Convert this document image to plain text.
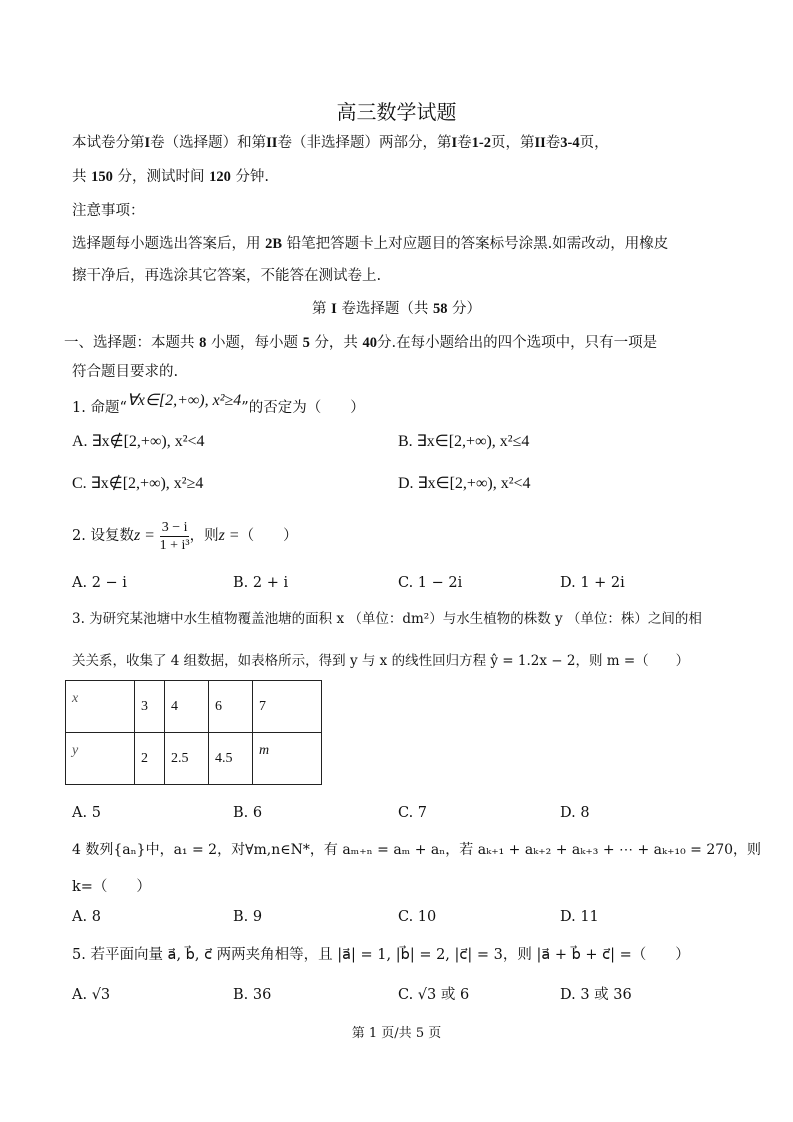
高三数学试题
本试卷分第I卷（选择题）和第II卷（非选择题）两部分，第I卷1-2页，第II卷3-4页，
共 150 分，测试时间 120 分钟.
注意事项：
选择题每小题选出答案后，用 2B 铅笔把答题卡上对应题目的答案标号涂黑.如需改动，用橡皮
擦干净后，再选涂其它答案，不能答在测试卷上.
第 I 卷选择题（共 58 分）
一、选择题：本题共 8 小题，每小题 5 分，共 40分.在每小题给出的四个选项中，只有一项是
符合题目要求的.
1. 命题“∀x∈[2,+∞), x²≥4”的否定为（　　）
A. ∃x∉[2,+∞), x²<4	B. ∃x∈[2,+∞), x²≤4
C. ∃x∉[2,+∞), x²≥4	D. ∃x∈[2,+∞), x²<4
2. 设复数$z = \frac{3 - i}{\text{1 + i³}}$ ，则z =（　　）
A. 2 − i	B. 2 + i	C. 1 − 2i	D. 1 + 2i
3. 为研究某池塘中水生植物覆盖池塘的面积 x （单位：dm²）与水生植物的株数 y （单位：株）之间的相
关关系，收集了 4 组数据，如表格所示，得到 y 与 x 的线性回归方程 ŷ = 1.2x − 2，则 m =（　　）
x	3	4	6	7
y	2	2.5	4.5	m
A. 5	B. 6	C. 7	D. 8
4 数列{aₙ}中，a₁ = 2，对∀m,n∈N*，有 aₘ₊ₙ = aₘ + aₙ，若 aₖ₊₁ + aₖ₊₂ + aₖ₊₃ + ⋯ + aₖ₊₁₀ = 270，则
k=（　　）
A. 8	B. 9	C. 10	D. 11
5. 若平面向量 a⃗, b⃗, c⃗ 两两夹角相等，且 |a⃗| = 1, |b⃗| = 2, |c⃗| = 3，则 |a⃗ + b⃗ + c⃗| =（　　）
A. √3	B. 36	C. √3 或 6	D. 3 或 36
第 1 页/共 5 页
